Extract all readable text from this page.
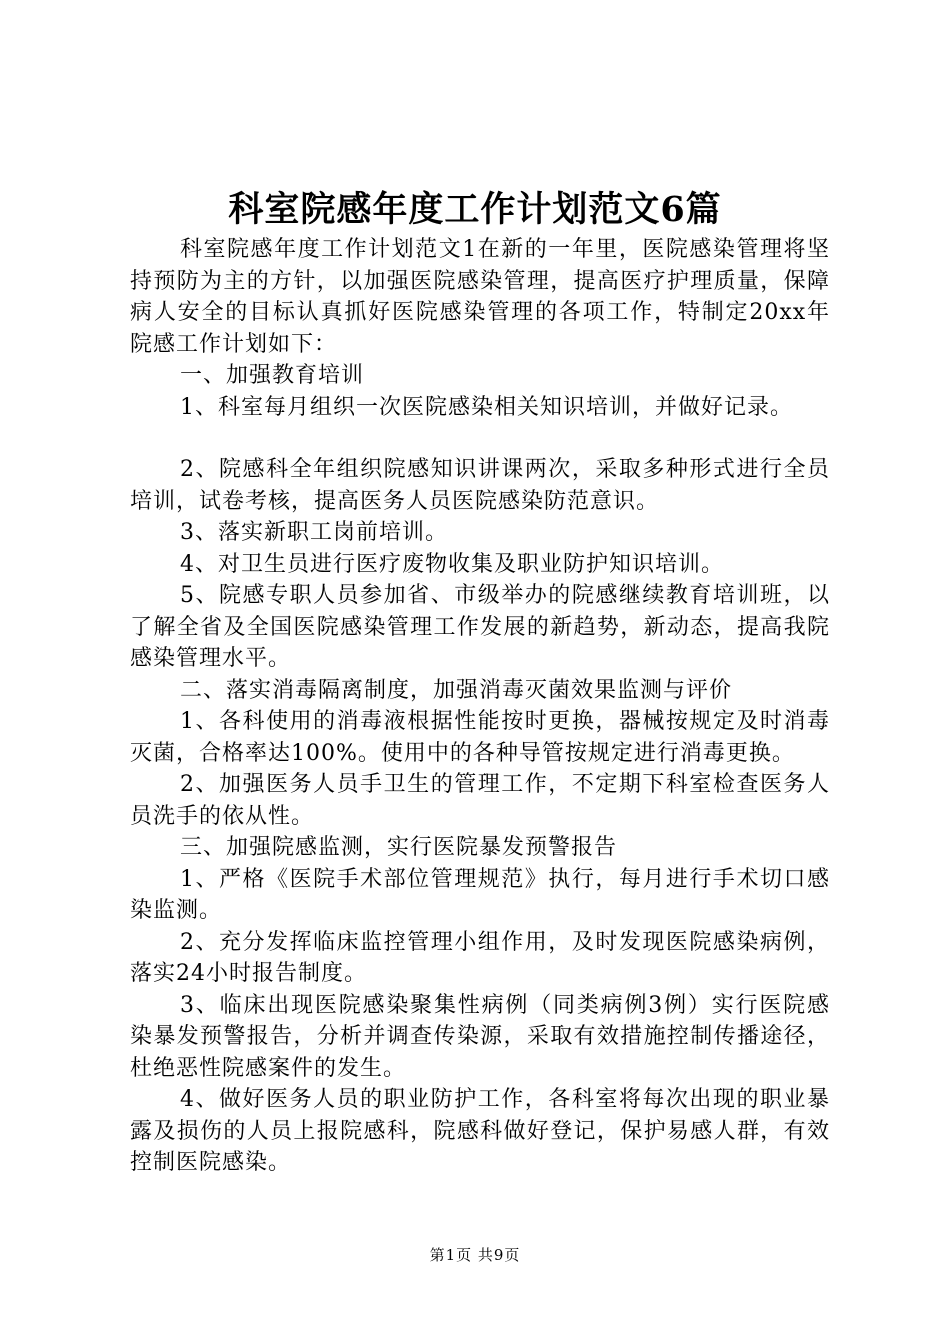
科室院感年度工作计划范文6篇

科室院感年度工作计划范文1在新的一年里，医院感染管理将坚持预防为主的方针，以加强医院感染管理，提高医疗护理质量，保障病人安全的目标认真抓好医院感染管理的各项工作，特制定20xx年院感工作计划如下：

一、加强教育培训

1、科室每月组织一次医院感染相关知识培训，并做好记录。

2、院感科全年组织院感知识讲课两次，采取多种形式进行全员培训，试卷考核，提高医务人员医院感染防范意识。

3、落实新职工岗前培训。

4、对卫生员进行医疗废物收集及职业防护知识培训。

5、院感专职人员参加省、市级举办的院感继续教育培训班，以了解全省及全国医院感染管理工作发展的新趋势，新动态，提高我院感染管理水平。

二、落实消毒隔离制度，加强消毒灭菌效果监测与评价

1、各科使用的消毒液根据性能按时更换，器械按规定及时消毒灭菌，合格率达100%。使用中的各种导管按规定进行消毒更换。

2、加强医务人员手卫生的管理工作，不定期下科室检查医务人员洗手的依从性。

三、加强院感监测，实行医院暴发预警报告

1、严格《医院手术部位管理规范》执行，每月进行手术切口感染监测。

2、充分发挥临床监控管理小组作用，及时发现医院感染病例，落实24小时报告制度。

3、临床出现医院感染聚集性病例（同类病例3例）实行医院感染暴发预警报告，分析并调查传染源，采取有效措施控制传播途径，杜绝恶性院感案件的发生。

4、做好医务人员的职业防护工作，各科室将每次出现的职业暴露及损伤的人员上报院感科，院感科做好登记，保护易感人群，有效控制医院感染。

第1页 共9页
